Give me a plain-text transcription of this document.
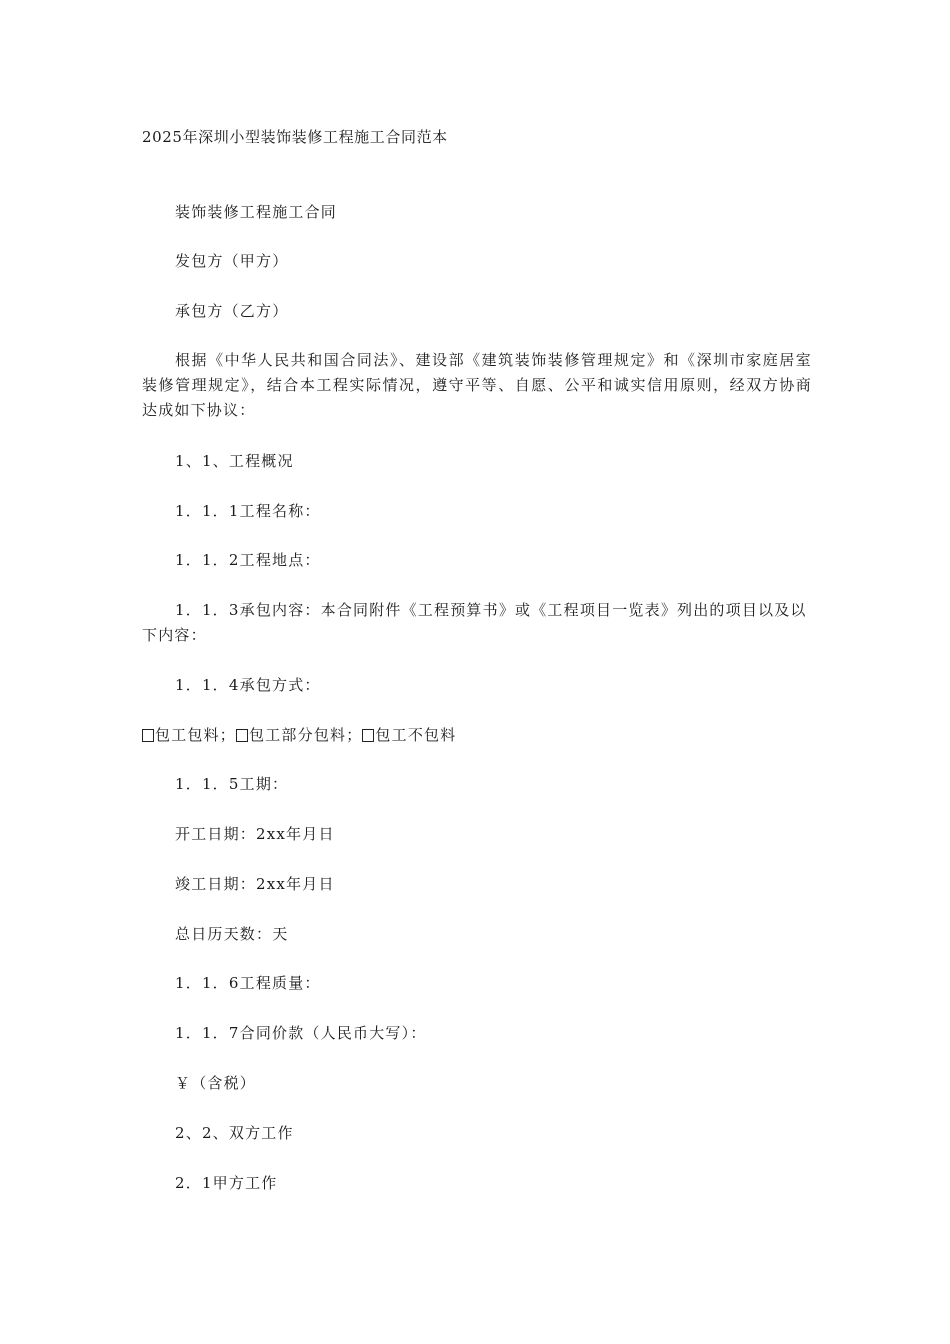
2025年深圳小型装饰装修工程施工合同范本
装饰装修工程施工合同
发包方（甲方）
承包方（乙方）
根据《中华人民共和国合同法》、建设部《建筑装饰装修管理规定》和《深圳市家庭居室装修管理规定》，结合本工程实际情况，遵守平等、自愿、公平和诚实信用原则，经双方协商达成如下协议：
1、1、工程概况
1．1．1工程名称：
1．1．2工程地点：
1．1．3承包内容：本合同附件《工程预算书》或《工程项目一览表》列出的项目以及以下内容：
1．1．4承包方式：
包工包料； 包工部分包料； 包工不包料
1．1．5工期：
开工日期：2xx年月日
竣工日期：2xx年月日
总日历天数：天
1．1．6工程质量：
1．1．7合同价款（人民币大写）：
￥（含税）
2、2、双方工作
2．1甲方工作
